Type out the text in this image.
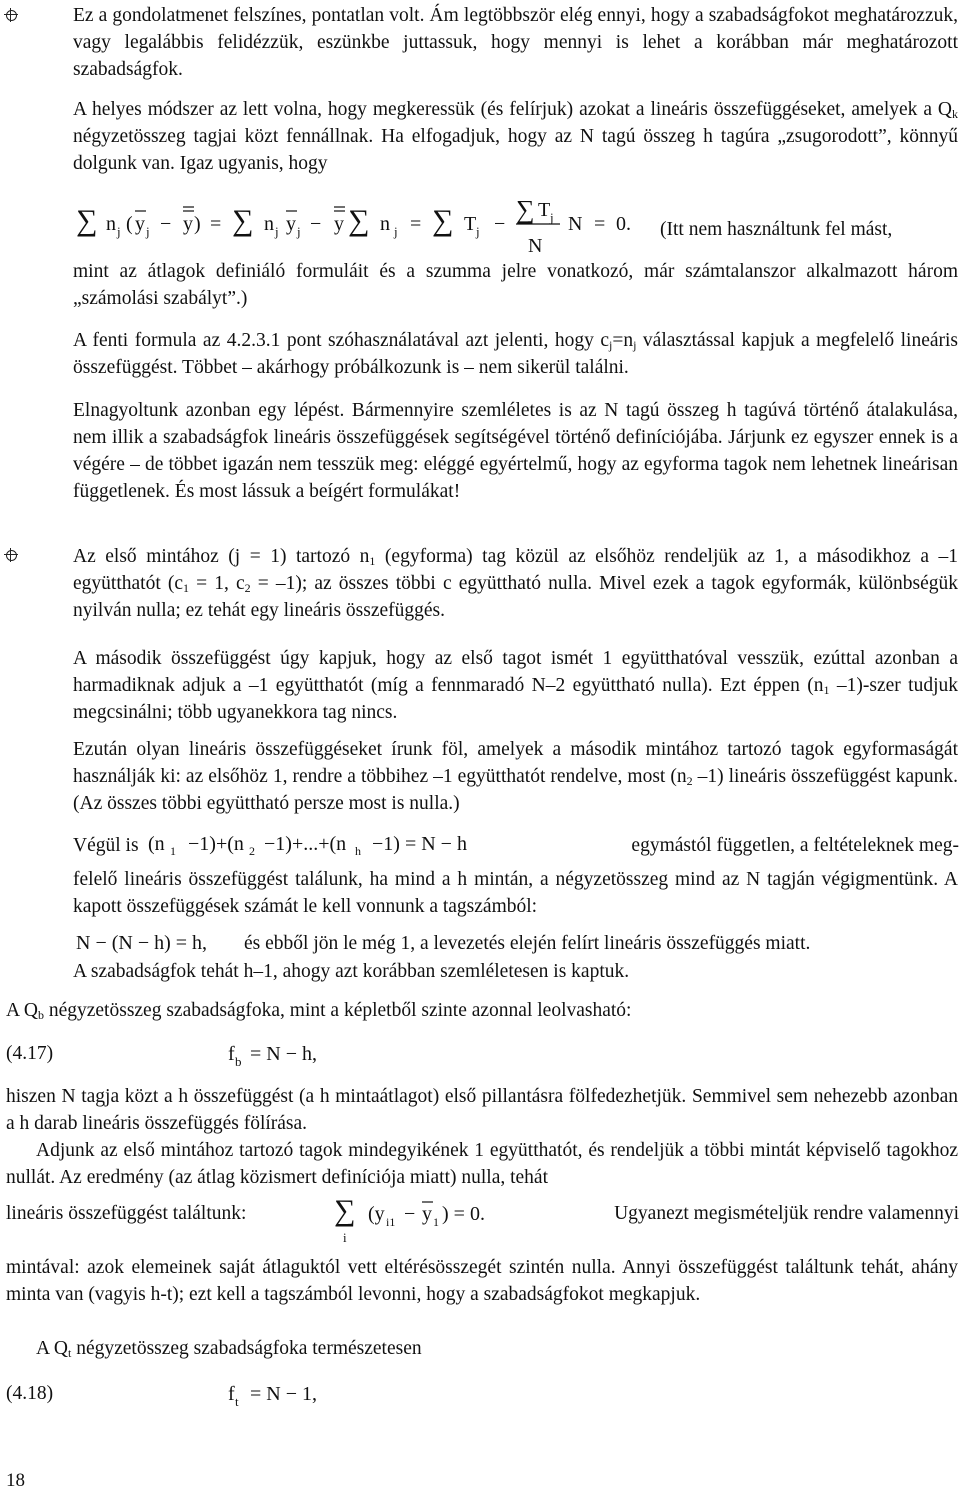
Ez a gondolatmenet felszínes, pontatlan volt. Ám legtöbbször elég ennyi, hogy a szabadságfokot meghatározzuk, vagy legalábbis felidézzük, eszünkbe juttassuk, hogy mennyi is lehet a korábban már meghatározott szabadságfok.

A helyes módszer az lett volna, hogy megkeressük (és felírjuk) azokat a lineáris összefüggéseket, amelyek a $Q_k$ négyzetösszeg tagjai közt fennállnak. Ha elfogadjuk, hogy az N tagú összeg h tagúra „zsugorodott”, könnyű dolgunk van. Igaz ugyanis, hogy

∑ n j ( y j − y ) = ∑ n j y j − y ∑ n j = ∑ T j − ∑ T j
N
N = 0. (Itt nem használtunk fel mást,

mint az átlagok definiáló formuláit és a szumma jelre vonatkozó, már számtalanszor alkalmazott három „számolási szabályt”.)

A fenti formula az 4.2.3.1 pont szóhasználatával azt jelenti, hogy $c_j=n_j$ választással kapjuk a megfelelő lineáris összefüggést. Többet – akárhogy próbálkozunk is – nem sikerül találni.

Elnagyoltunk azonban egy lépést. Bármennyire szemléletes is az N tagú összeg h tagúvá történő átalakulása, nem illik a szabadságfok lineáris összefüggések segítségével történő definíciójába. Járjunk ez egyszer ennek is a végére – de többet igazán nem tesszük meg: eléggé egyértelmű, hogy az egyforma tagok nem lehetnek lineárisan függetlenek. És most lássuk a beígért formulákat!

Az első mintához (j = 1) tartozó $n_1$ (egyforma) tag közül az elsőhöz rendeljük az 1, a másodikhoz a –1 együtthatót ($c_1 = 1$, $c_2 = -1$); az összes többi c együttható nulla. Mivel ezek a tagok egyformák, különbségük nyilván nulla; ez tehát egy lineáris összefüggés.

A második összefüggést úgy kapjuk, hogy az első tagot ismét 1 együtthatóval vesszük, ezúttal azonban a harmadiknak adjuk a –1 együtthatót (míg a fennmaradó N–2 együttható nulla). Ezt éppen ($n_1$ –1)-szer tudjuk megcsinálni; több ugyanekkora tag nincs.

Ezután olyan lineáris összefüggéseket írunk föl, amelyek a második mintához tartozó tagok egyformaságát használják ki: az elsőhöz 1, rendre a többihez –1 együtthatót rendelve, most ($n_2$ –1) lineáris összefüggést kapunk. (Az összes többi együttható persze most is nulla.)

Végül is (n 1 −1)+(n 2 −1)+...+(n h −1) = N − h	egymástól független, a feltételeknek meg-

felelő lineáris összefüggést találunk, ha mind a h mintán, a négyzetösszeg mind az N tagján végigmentünk. A kapott összefüggések számát le kell vonnunk a tagszámból:

N − (N − h) = h, és ebből jön le még 1, a levezetés elején felírt lineáris összefüggés miatt.

A szabadságfok tehát h–1, ahogy azt korábban szemléletesen is kaptuk.

A $Q_b$ négyzetösszeg szabadságfoka, mint a képletből szinte azonnal leolvasható:

(4.17)	f b = N − h,

hiszen N tagja közt a h összefüggést (a h mintaátlagot) első pillantásra fölfedezhetjük. Semmivel sem nehezebb azonban a h darab lineáris összefüggés fölírása.

Adjunk az első mintához tartozó tagok mindegyikének 1 együtthatót, és rendeljük a többi mintát képviselő tagokhoz nullát. Az eredmény (az átlag közismert definíciója miatt) nulla, tehát

lineáris összefüggést találtunk:	∑
i
(y i1 − y 1 ) = 0.	Ugyanezt megismételjük rendre valamennyi

mintával: azok elemeinek saját átlaguktól vett eltérésösszegét szintén nulla. Annyi összefüggést találtunk tehát, ahány minta van (vagyis h-t); ezt kell a tagszámból levonni, hogy a szabadságfokot megkapjuk.

A $Q_t$ négyzetösszeg szabadságfoka természetesen

(4.18)	f t = N − 1,
18
